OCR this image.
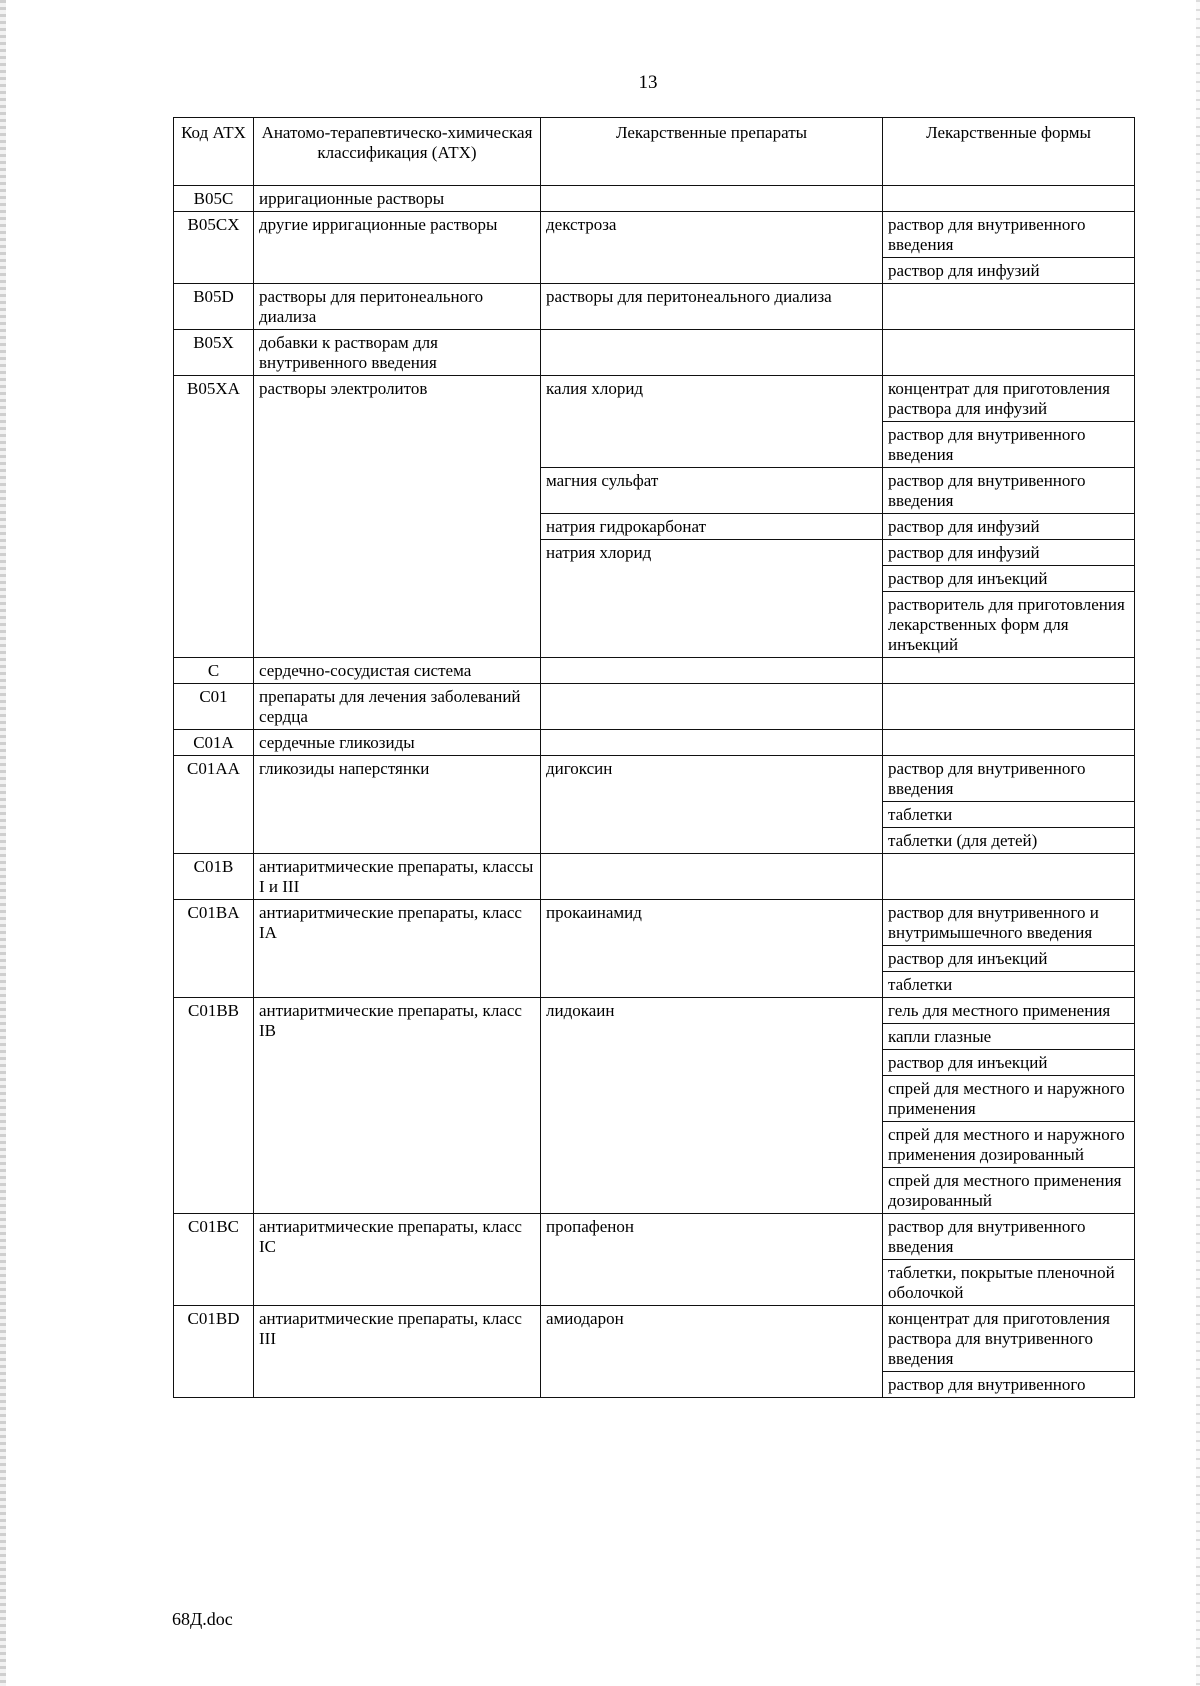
13
Код АТХ	Анатомо-терапевтическо-химическая классификация (АТХ)	Лекарственные препараты	Лекарственные формы
B05C	ирригационные растворы		
B05CX	другие ирригационные растворы	декстроза	раствор для внутривенного введения
			раствор для инфузий
B05D	растворы для перитонеального диализа	растворы для перитонеального диализа	
B05X	добавки к растворам для внутривенного введения		
B05XA	растворы электролитов	калия хлорид	концентрат для приготовления раствора для инфузий
			раствор для внутривенного введения
		магния сульфат	раствор для внутривенного введения
		натрия гидрокарбонат	раствор для инфузий
		натрия хлорид	раствор для инфузий
			раствор для инъекций
			растворитель для приготовления лекарственных форм для инъекций
C	сердечно-сосудистая система		
C01	препараты для лечения заболеваний сердца		
C01A	сердечные гликозиды		
C01AA	гликозиды наперстянки	дигоксин	раствор для внутривенного введения
			таблетки
			таблетки (для детей)
C01B	антиаритмические препараты, классы I и III		
C01BA	антиаритмические препараты, класс IA	прокаинамид	раствор для внутривенного и внутримышечного введения
			раствор для инъекций
			таблетки
C01BB	антиаритмические препараты, класс IB	лидокаин	гель для местного применения
			капли глазные
			раствор для инъекций
			спрей для местного и наружного применения
			спрей для местного и наружного применения дозированный
			спрей для местного применения дозированный
C01BC	антиаритмические препараты, класс IC	пропафенон	раствор для внутривенного введения
			таблетки, покрытые пленочной оболочкой
C01BD	антиаритмические препараты, класс III	амиодарон	концентрат для приготовления раствора для внутривенного введения
			раствор для внутривенного
68Д.doc
